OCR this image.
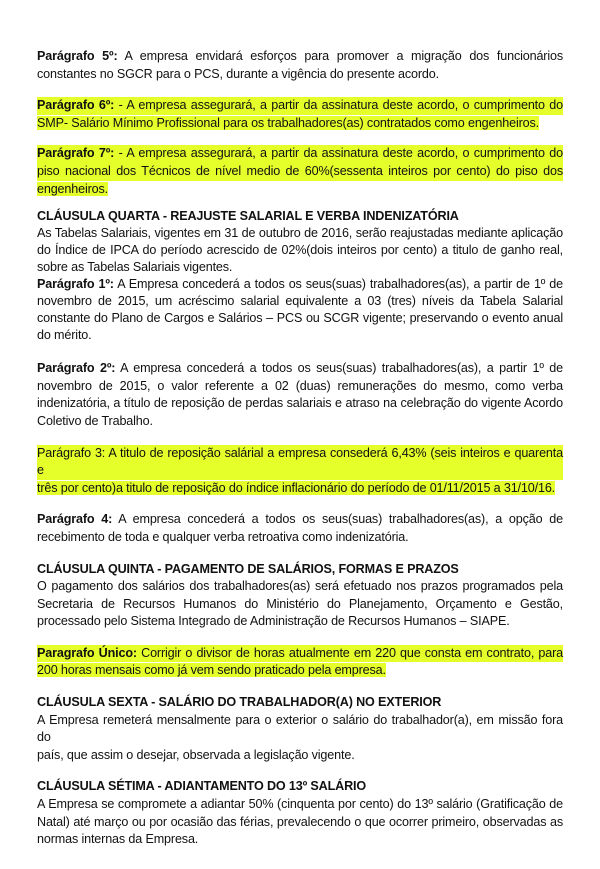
Parágrafo 5º: A empresa envidará esforços para promover a migração dos funcionários
constantes no SGCR para o PCS, durante a vigência do presente acordo.
Parágrafo 6º: - A empresa assegurará, a partir da assinatura deste acordo, o cumprimento do
SMP- Salário Mínimo Profissional para os trabalhadores(as) contratados como engenheiros.
Parágrafo 7º: - A empresa assegurará, a partir da assinatura deste acordo, o cumprimento do
piso nacional dos Técnicos de nível medio de 60%(sessenta inteiros por cento) do piso dos
engenheiros.
CLÁUSULA QUARTA - REAJUSTE SALARIAL E VERBA INDENIZATÓRIA
As Tabelas Salariais, vigentes em 31 de outubro de 2016, serão reajustadas mediante aplicação
do Índice de IPCA do período acrescido de 02%(dois inteiros por cento) a titulo de ganho real,
sobre as Tabelas Salariais vigentes.
Parágrafo 1º: A Empresa concederá a todos os seus(suas) trabalhadores(as), a partir de 1º de
novembro de 2015, um acréscimo salarial equivalente a 03 (tres) níveis da Tabela Salarial
constante do Plano de Cargos e Salários – PCS ou SCGR vigente; preservando o evento anual
do mérito.
Parágrafo 2º: A empresa concederá a todos os seus(suas) trabalhadores(as), a partir 1º de
novembro de 2015, o valor referente a 02 (duas) remunerações do mesmo, como verba
indenizatória, a título de reposição de perdas salariais e atraso na celebração do vigente Acordo
Coletivo de Trabalho.
Parágrafo 3: A titulo de reposição salárial a empresa consederá 6,43% (seis inteiros e quarenta e
três por cento)a titulo de reposição do índice inflacionário do período de 01/11/2015 a 31/10/16.
Parágrafo 4: A empresa concederá a todos os seus(suas) trabalhadores(as), a opção de
recebimento de toda e qualquer verba retroativa como indenizatória.
CLÁUSULA QUINTA - PAGAMENTO DE SALÁRIOS, FORMAS E PRAZOS
O pagamento dos salários dos trabalhadores(as) será efetuado nos prazos programados pela
Secretaria de Recursos Humanos do Ministério do Planejamento, Orçamento e Gestão,
processado pelo Sistema Integrado de Administração de Recursos Humanos – SIAPE.
Paragrafo Único: Corrigir o divisor de horas atualmente em 220 que consta em contrato, para
200 horas mensais como já vem sendo praticado pela empresa.
CLÁUSULA SEXTA - SALÁRIO DO TRABALHADOR(A) NO EXTERIOR
A Empresa remeterá mensalmente para o exterior o salário do trabalhador(a), em missão fora do
país, que assim o desejar, observada a legislação vigente.
CLÁUSULA SÉTIMA - ADIANTAMENTO DO 13º SALÁRIO
A Empresa se compromete a adiantar 50% (cinquenta por cento) do 13º salário (Gratificação de
Natal) até março ou por ocasião das férias, prevalecendo o que ocorrer primeiro, observadas as
normas internas da Empresa.
